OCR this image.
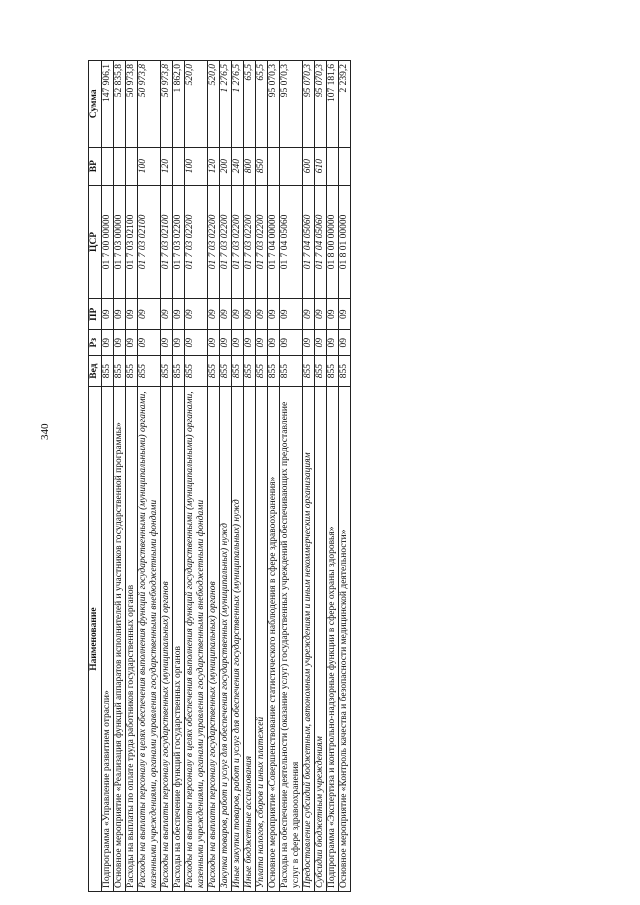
340
Наименование	Вед	Рз	ПР	ЦСР	ВР	Сумма
Подпрограмма «Управление развитием отрасли»	855	09	09	01 7 00 00000		147 906,1
Основное мероприятие «Реализация функций аппаратов исполнителей и участников государственной программы»	855	09	09	01 7 03 00000		52 835,8
Расходы на выплаты по оплате труда работников государственных органов	855	09	09	01 7 03 02100		50 973,8
Расходы на выплаты персоналу в целях обеспечения выполнения функций государственными (муниципальными) органами, казенными учреждениями, органами управления государственными внебюджетными фондами	855	09	09	01 7 03 02100	100	50 973,8
Расходы на выплаты персоналу государственных (муниципальных) органов	855	09	09	01 7 03 02100	120	50 973,8
Расходы на обеспечение функций государственных органов	855	09	09	01 7 03 02200		1 862,0
Расходы на выплаты персоналу в целях обеспечения выполнения функций государственными (муниципальными) органами, казенными учреждениями, органами управления государственными внебюджетными фондами	855	09	09	01 7 03 02200	100	520,0
Расходы на выплаты персоналу государственных (муниципальных) органов	855	09	09	01 7 03 02200	120	520,0
Закупка товаров, работ и услуг для обеспечения государственных (муниципальных) нужд	855	09	09	01 7 03 02200	200	1 276,5
Иные закупки товаров, работ и услуг для обеспечения государственных (муниципальных) нужд	855	09	09	01 7 03 02200	240	1 276,5
Иные бюджетные ассигнования	855	09	09	01 7 03 02200	800	65,5
Уплата налогов, сборов и иных платежей	855	09	09	01 7 03 02200	850	65,5
Основное мероприятие «Совершенствование статистического наблюдения в сфере здравоохранения»	855	09	09	01 7 04 00000		95 070,3
Расходы на обеспечение деятельности (оказание услуг) государственных учреждений обеспечивающих предоставление услуг в сфере здравоохранения	855	09	09	01 7 04 05060		95 070,3
Предоставление субсидий бюджетным, автономным учреждениям и иным некоммерческим организациям	855	09	09	01 7 04 05060	600	95 070,3
Субсидии бюджетным учреждениям	855	09	09	01 7 04 05060	610	95 070,3
Подпрограмма «Экспертиза и контрольно-надзорные функции в сфере охраны здоровья»	855	09	09	01 8 00 00000		107 181,6
Основное мероприятие «Контроль качества и безопасности медицинской деятельности»	855	09	09	01 8 01 00000		2 239,2
